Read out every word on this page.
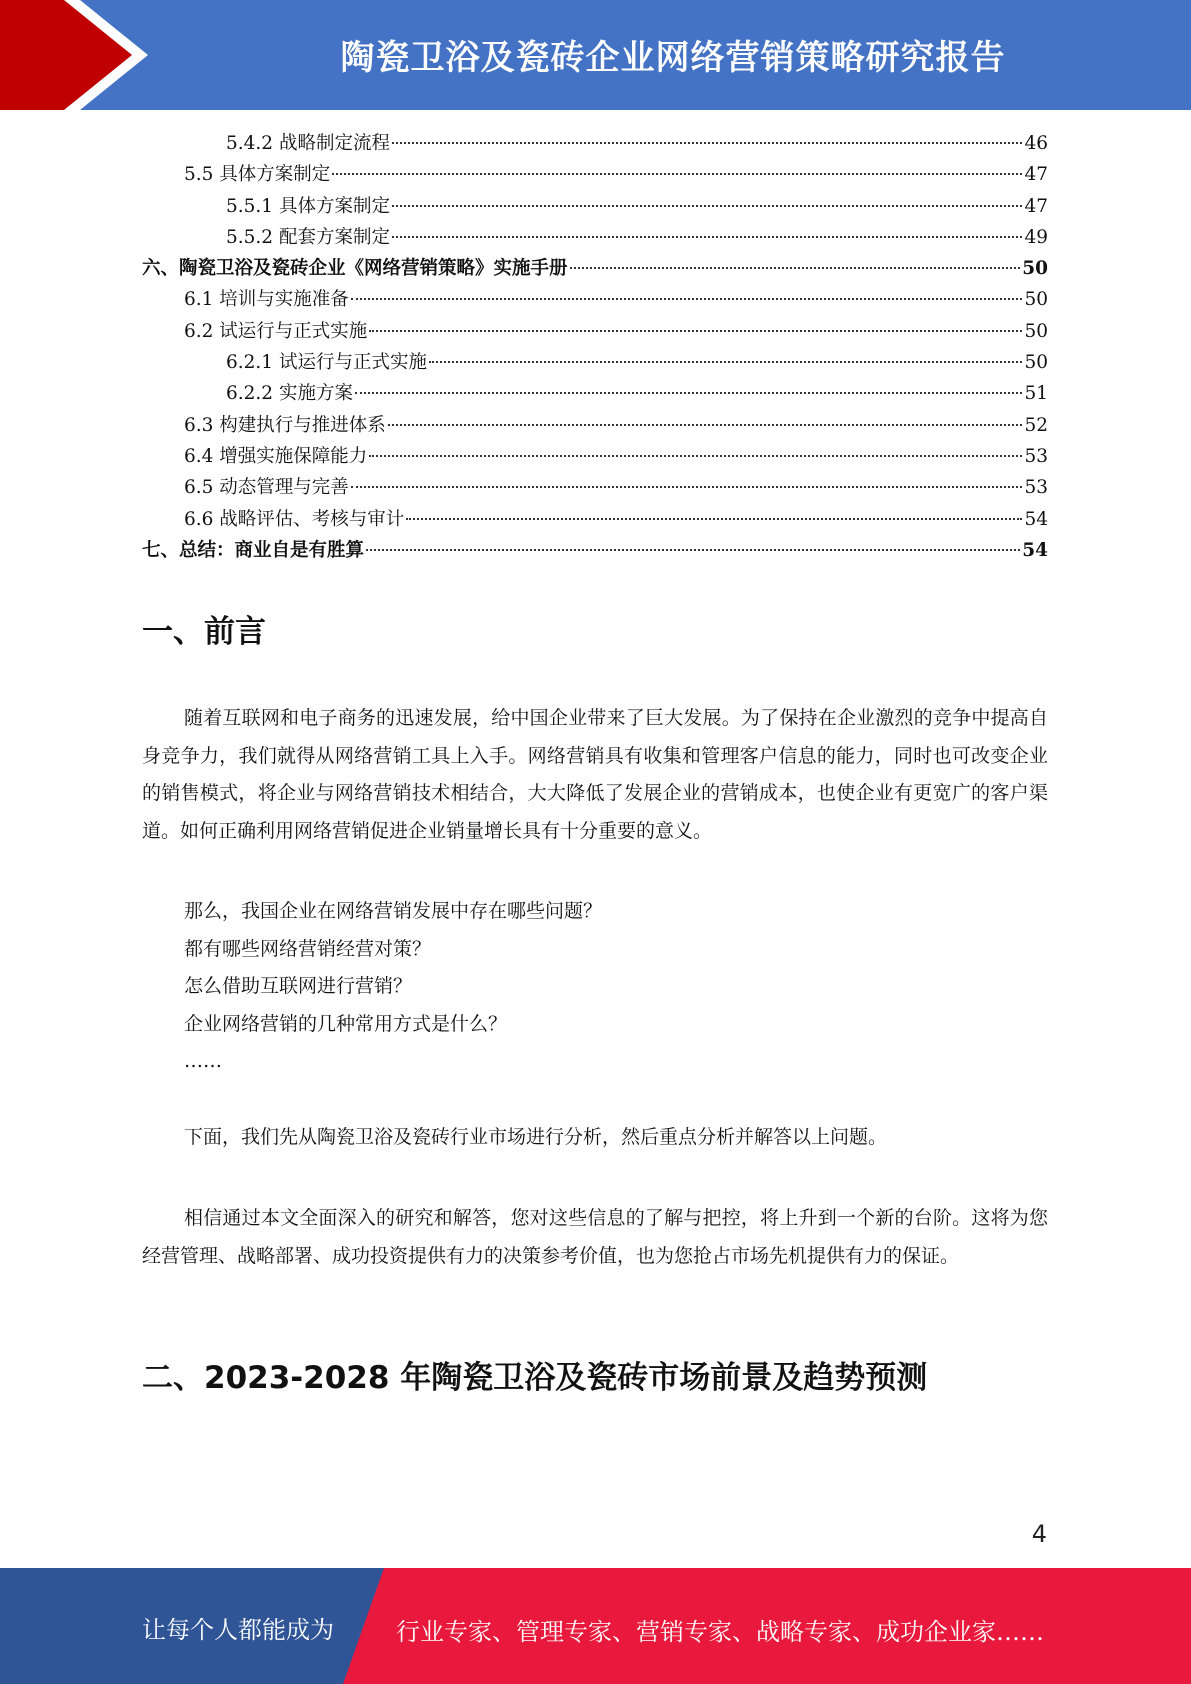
陶瓷卫浴及瓷砖企业网络营销策略研究报告
5.4.2 战略制定流程	46
5.5 具体方案制定	47
5.5.1 具体方案制定	47
5.5.2 配套方案制定	49
六、陶瓷卫浴及瓷砖企业《网络营销策略》实施手册	50
6.1 培训与实施准备	50
6.2 试运行与正式实施	50
6.2.1 试运行与正式实施	50
6.2.2 实施方案	51
6.3 构建执行与推进体系	52
6.4 增强实施保障能力	53
6.5 动态管理与完善	53
6.6 战略评估、考核与审计	54
七、总结：商业自是有胜算	54
一、前言

随着互联网和电子商务的迅速发展，给中国企业带来了巨大发展。为了保持在企业激烈的竞争中提高自身竞争力，我们就得从网络营销工具上入手。网络营销具有收集和管理客户信息的能力，同时也可改变企业的销售模式，将企业与网络营销技术相结合，大大降低了发展企业的营销成本，也使企业有更宽广的客户渠道。如何正确利用网络营销促进企业销量增长具有十分重要的意义。

那么，我国企业在网络营销发展中存在哪些问题？
都有哪些网络营销经营对策？
怎么借助互联网进行营销？
企业网络营销的几种常用方式是什么？
……

下面，我们先从陶瓷卫浴及瓷砖行业市场进行分析，然后重点分析并解答以上问题。

相信通过本文全面深入的研究和解答，您对这些信息的了解与把控，将上升到一个新的台阶。这将为您经营管理、战略部署、成功投资提供有力的决策参考价值，也为您抢占市场先机提供有力的保证。

二、2023-2028 年陶瓷卫浴及瓷砖市场前景及趋势预测
4
让每个人都能成为	行业专家、管理专家、营销专家、战略专家、成功企业家……
